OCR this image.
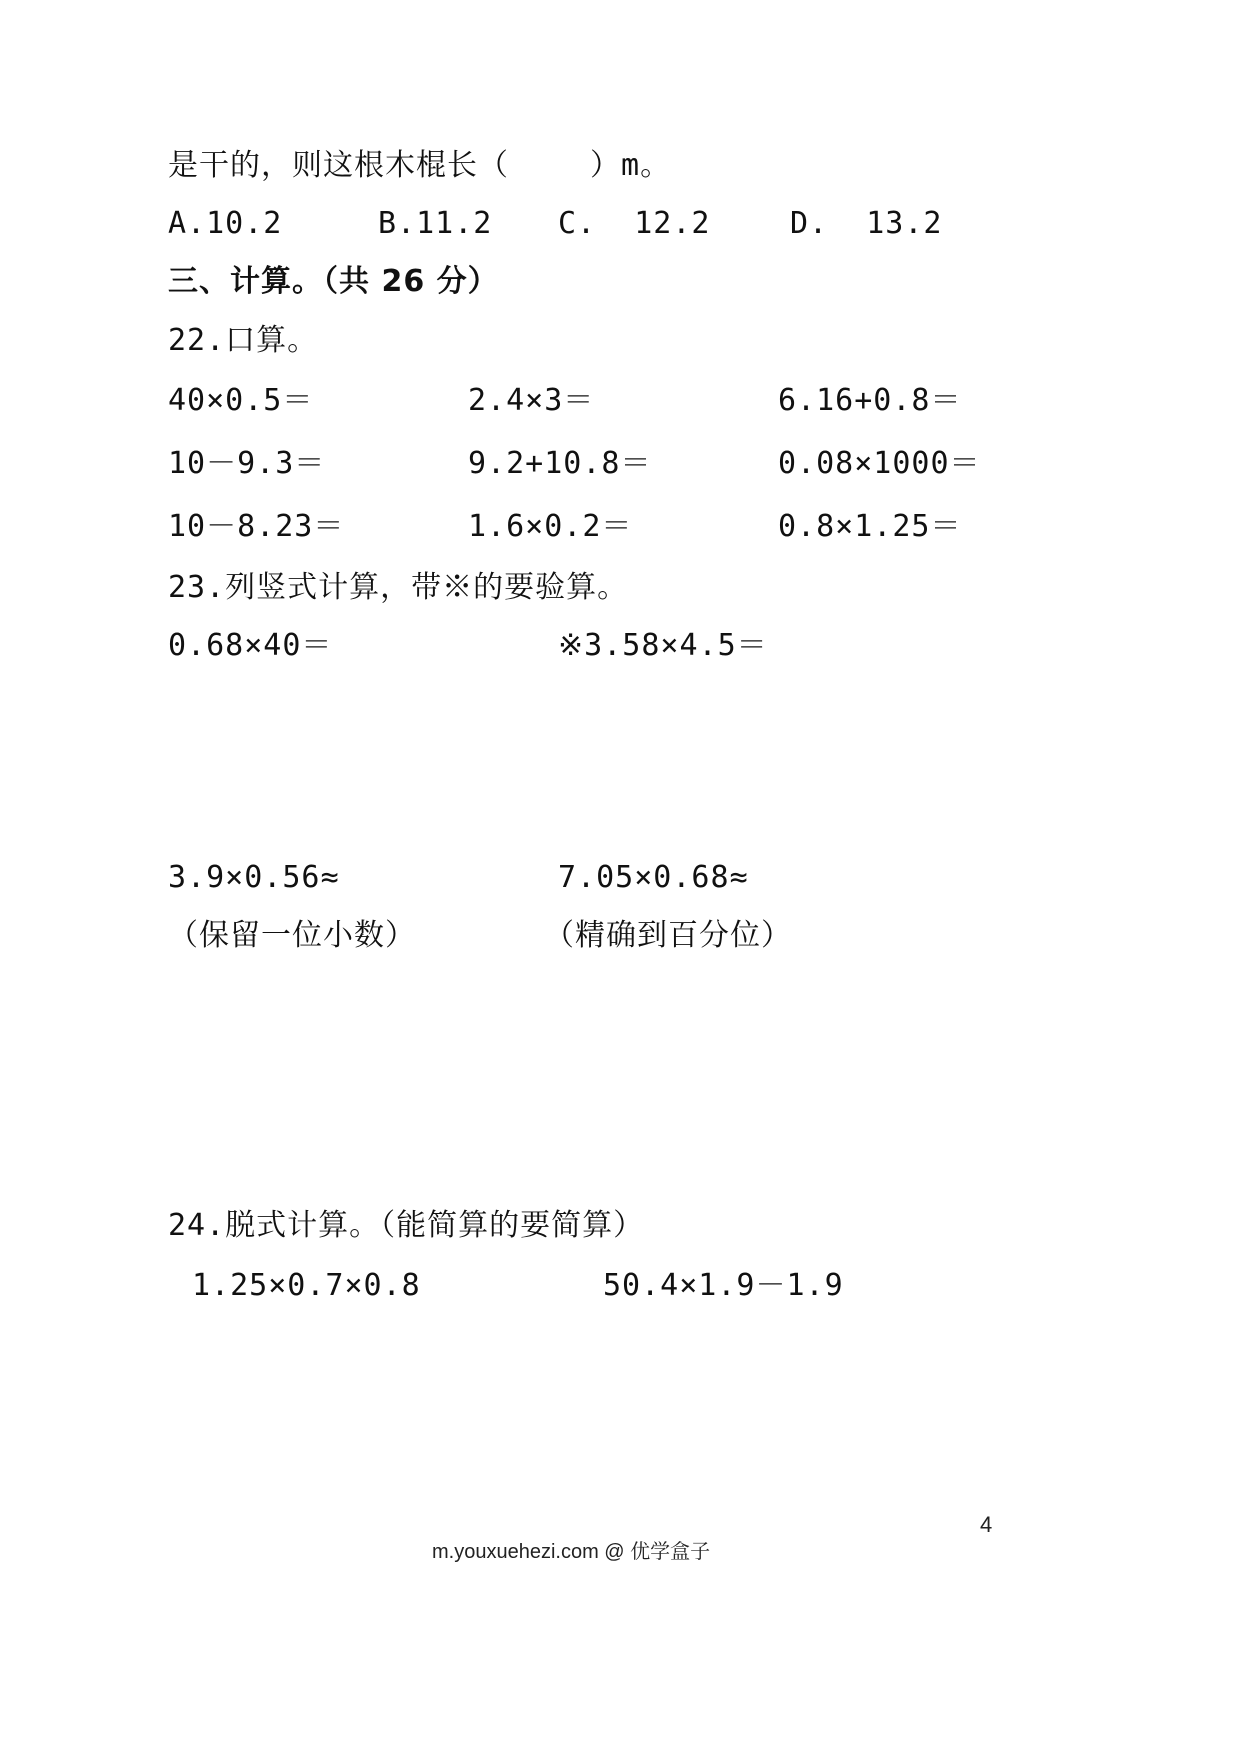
是干的，则这根木棍长（　　 ）m。
A.10.2	B.11.2 C.  12.2	D.  13.2
三、计算。（共 26 分）
22.口算。
40×0.5＝	2.4×3＝	6.16+0.8＝
10－9.3＝	9.2+10.8＝	0.08×1000＝
10－8.23＝	1.6×0.2＝	0.8×1.25＝
23.列竖式计算，带※的要验算。
0.68×40＝	※3.58×4.5＝
3.9×0.56≈	7.05×0.68≈
（保留一位小数）	（精确到百分位）
24.脱式计算。（能简算的要简算）
1.25×0.7×0.8	50.4×1.9－1.9
4
m.youxuehezi.com @ 优学盒子
